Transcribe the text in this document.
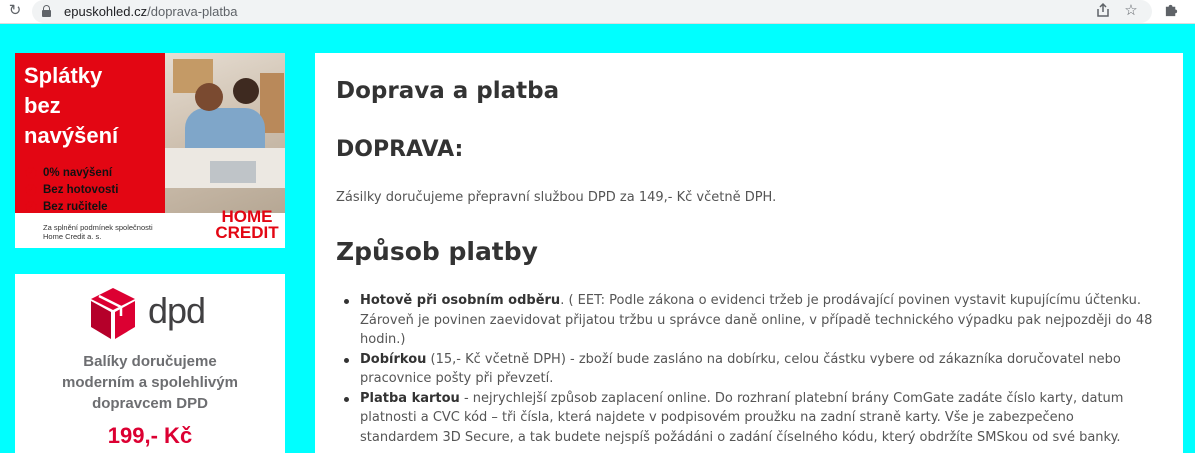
↻	epuskohled.cz/doprava-platba	☆
Splátky
bez
navýšení
✓ 0% navýšení
✓ Bez hotovosti
✓ Bez ručitele
Za splnění podmínek společnosti Home Credit a. s.
HOME
CREDIT
dpd
Balíky doručujeme
moderním a spolehlivým
dopravcem DPD
199,- Kč
Doprava a platba
DOPRAVA:
Zásilky doručujeme přepravní službou DPD za 149,- Kč včetně DPH.
Způsob platby
Hotově při osobním odběru. ( EET: Podle zákona o evidenci tržeb je prodávající povinen vystavit kupujícímu účtenku. Zároveň je povinen zaevidovat přijatou tržbu u správce daně online, v případě technického výpadku pak nejpozději do 48 hodin.)
Dobírkou (15,- Kč včetně DPH) - zboží bude zasláno na dobírku, celou částku vybere od zákazníka doručovatel nebo pracovnice pošty při převzetí.
Platba kartou - nejrychlejší způsob zaplacení online. Do rozhraní platební brány ComGate zadáte číslo karty, datum platnosti a CVC kód – tři čísla, která najdete v podpisovém proužku na zadní straně karty. Vše je zabezpečeno standardem 3D Secure, a tak budete nejspíš požádáni o zadání číselného kódu, který obdržíte SMSkou od své banky.
